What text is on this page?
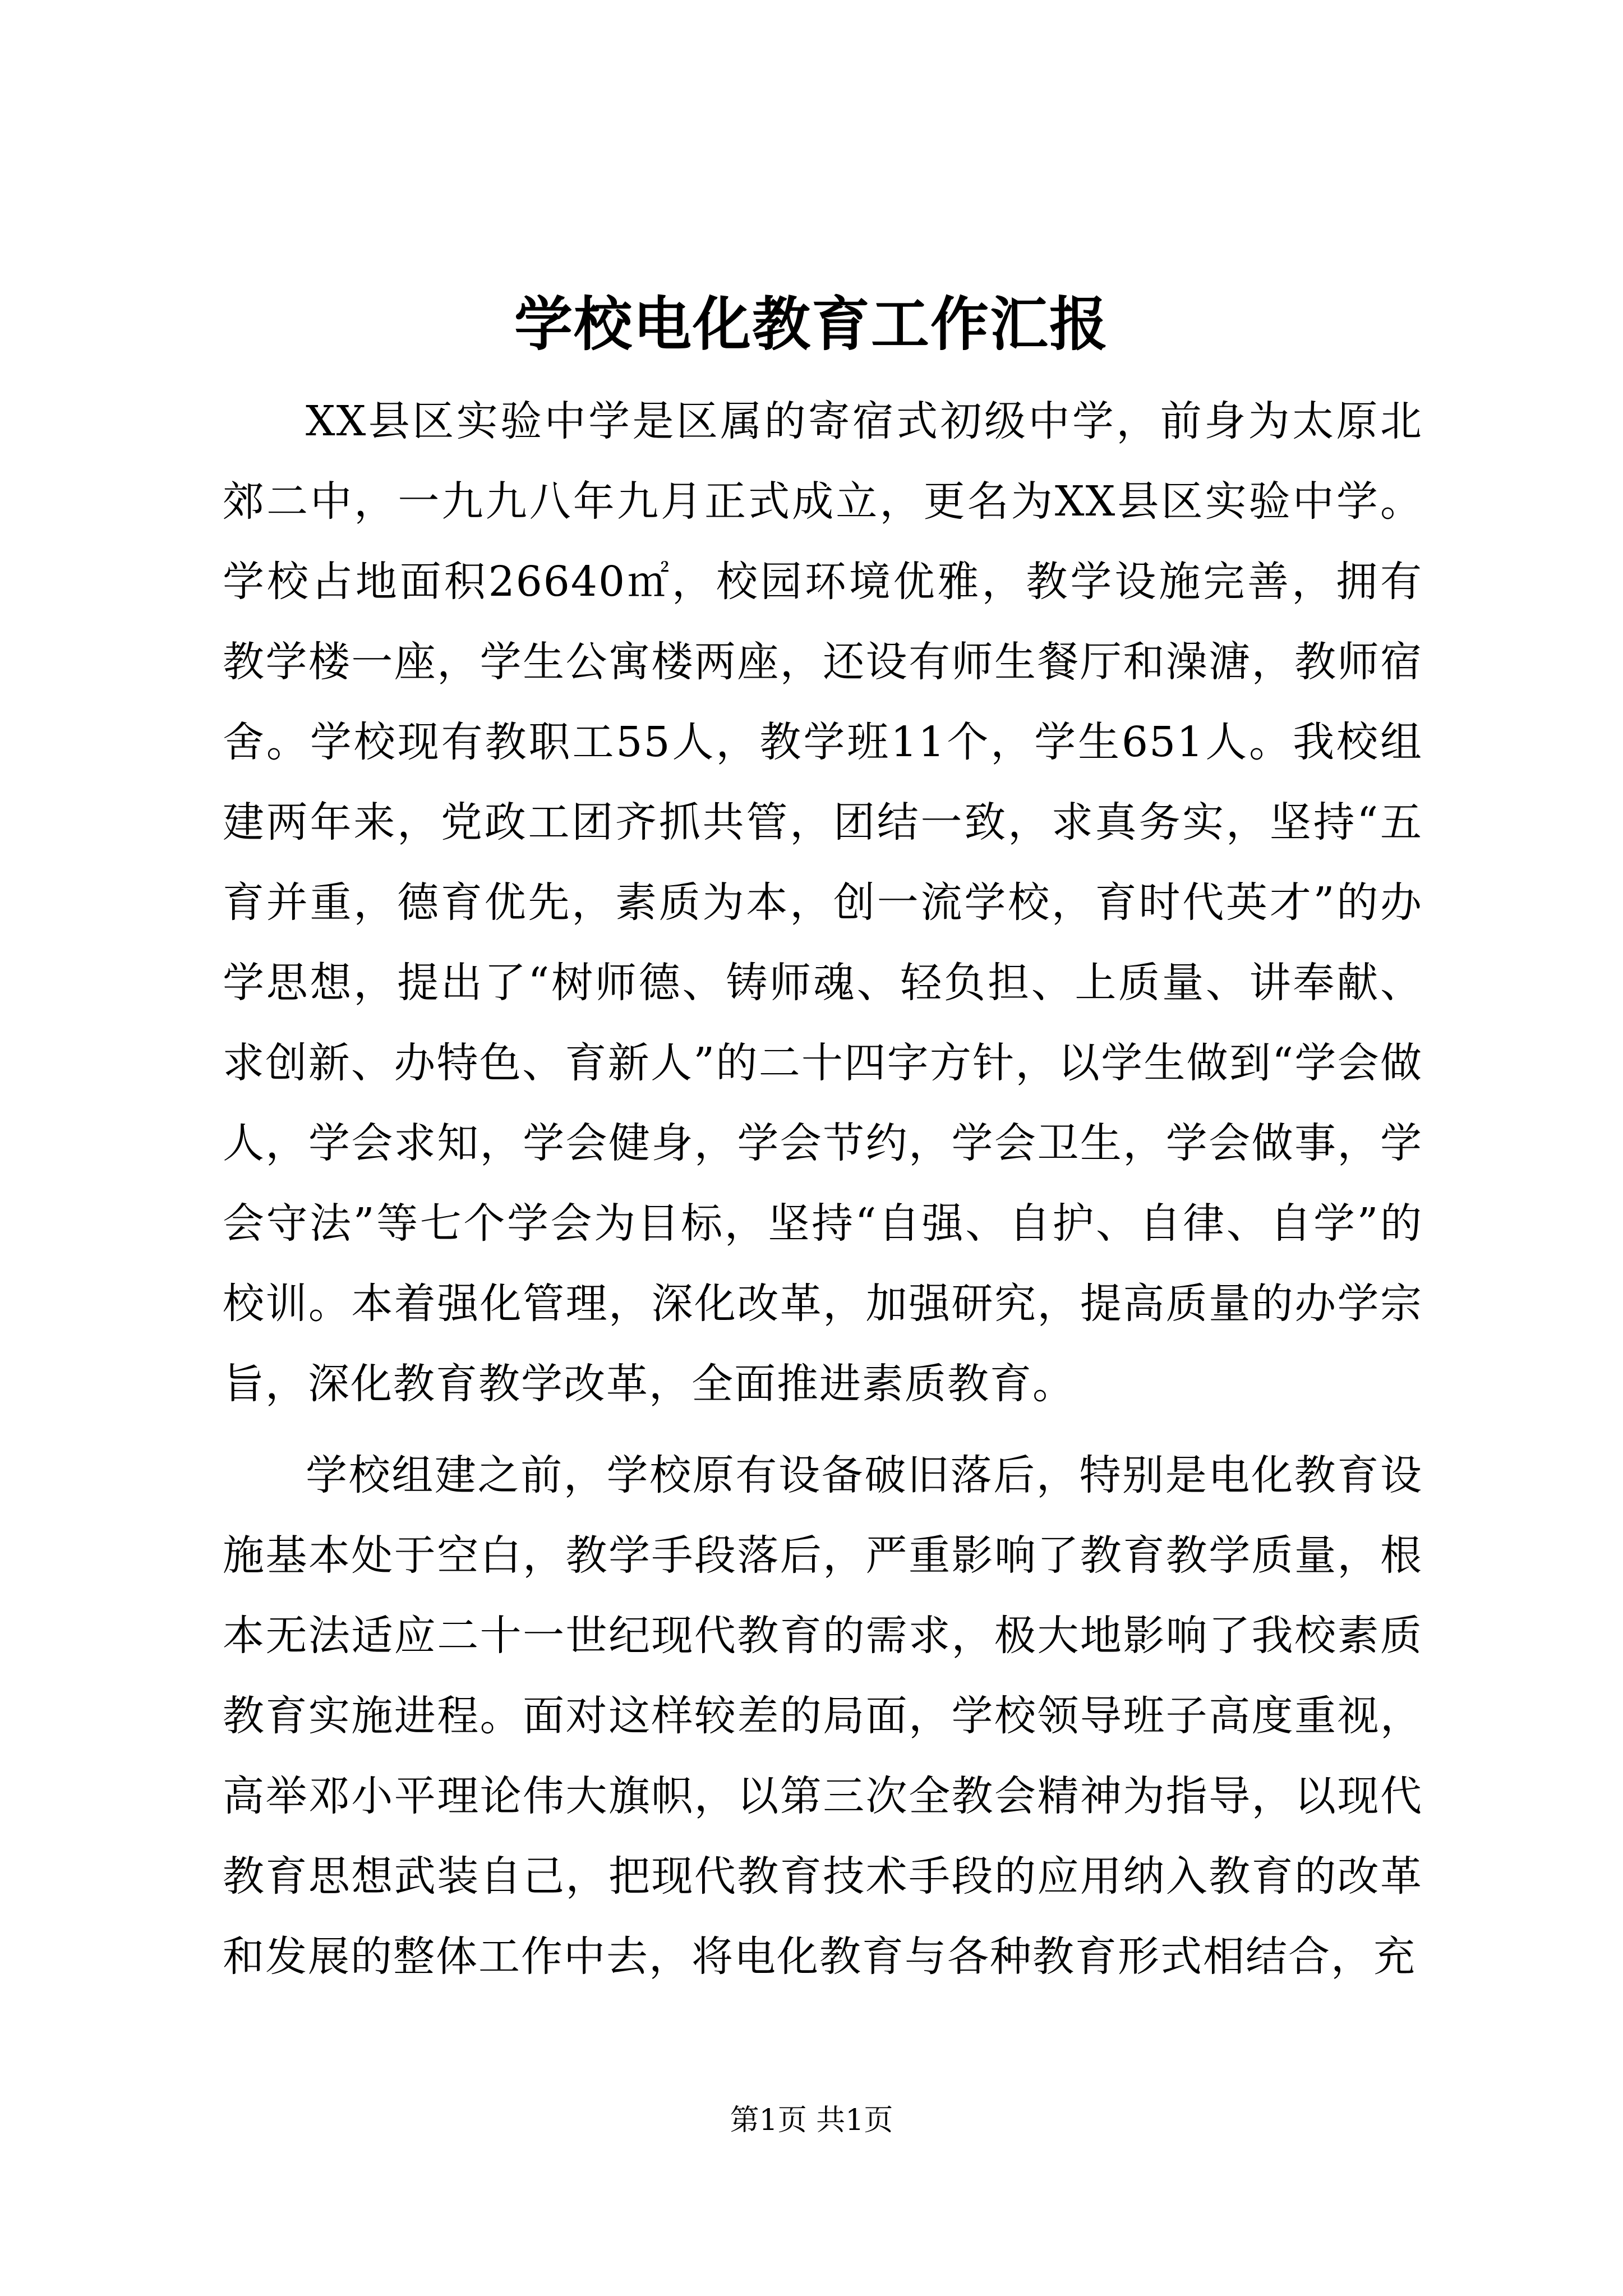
学校电化教育工作汇报

XX县区实验中学是区属的寄宿式初级中学，前身为太原北郊二中，一九九八年九月正式成立，更名为XX县区实验中学。学校占地面积26640㎡，校园环境优雅，教学设施完善，拥有教学楼一座，学生公寓楼两座，还设有师生餐厅和澡溏，教师宿舍。学校现有教职工55人，教学班11个，学生651人。我校组建两年来，党政工团齐抓共管，团结一致，求真务实，坚持“五育并重，德育优先，素质为本，创一流学校，育时代英才”的办学思想，提出了“树师德、铸师魂、轻负担、上质量、讲奉献、求创新、办特色、育新人”的二十四字方针，以学生做到“学会做人，学会求知，学会健身，学会节约，学会卫生，学会做事，学会守法”等七个学会为目标，坚持“自强、自护、自律、自学”的校训。本着强化管理，深化改革，加强研究，提高质量的办学宗旨，深化教育教学改革，全面推进素质教育。

学校组建之前，学校原有设备破旧落后，特别是电化教育设施基本处于空白，教学手段落后，严重影响了教育教学质量，根本无法适应二十一世纪现代教育的需求，极大地影响了我校素质教育实施进程。面对这样较差的局面，学校领导班子高度重视，高举邓小平理论伟大旗帜，以第三次全教会精神为指导，以现代教育思想武装自己，把现代教育技术手段的应用纳入教育的改革和发展的整体工作中去，将电化教育与各种教育形式相结合，充

第1页 共1页
